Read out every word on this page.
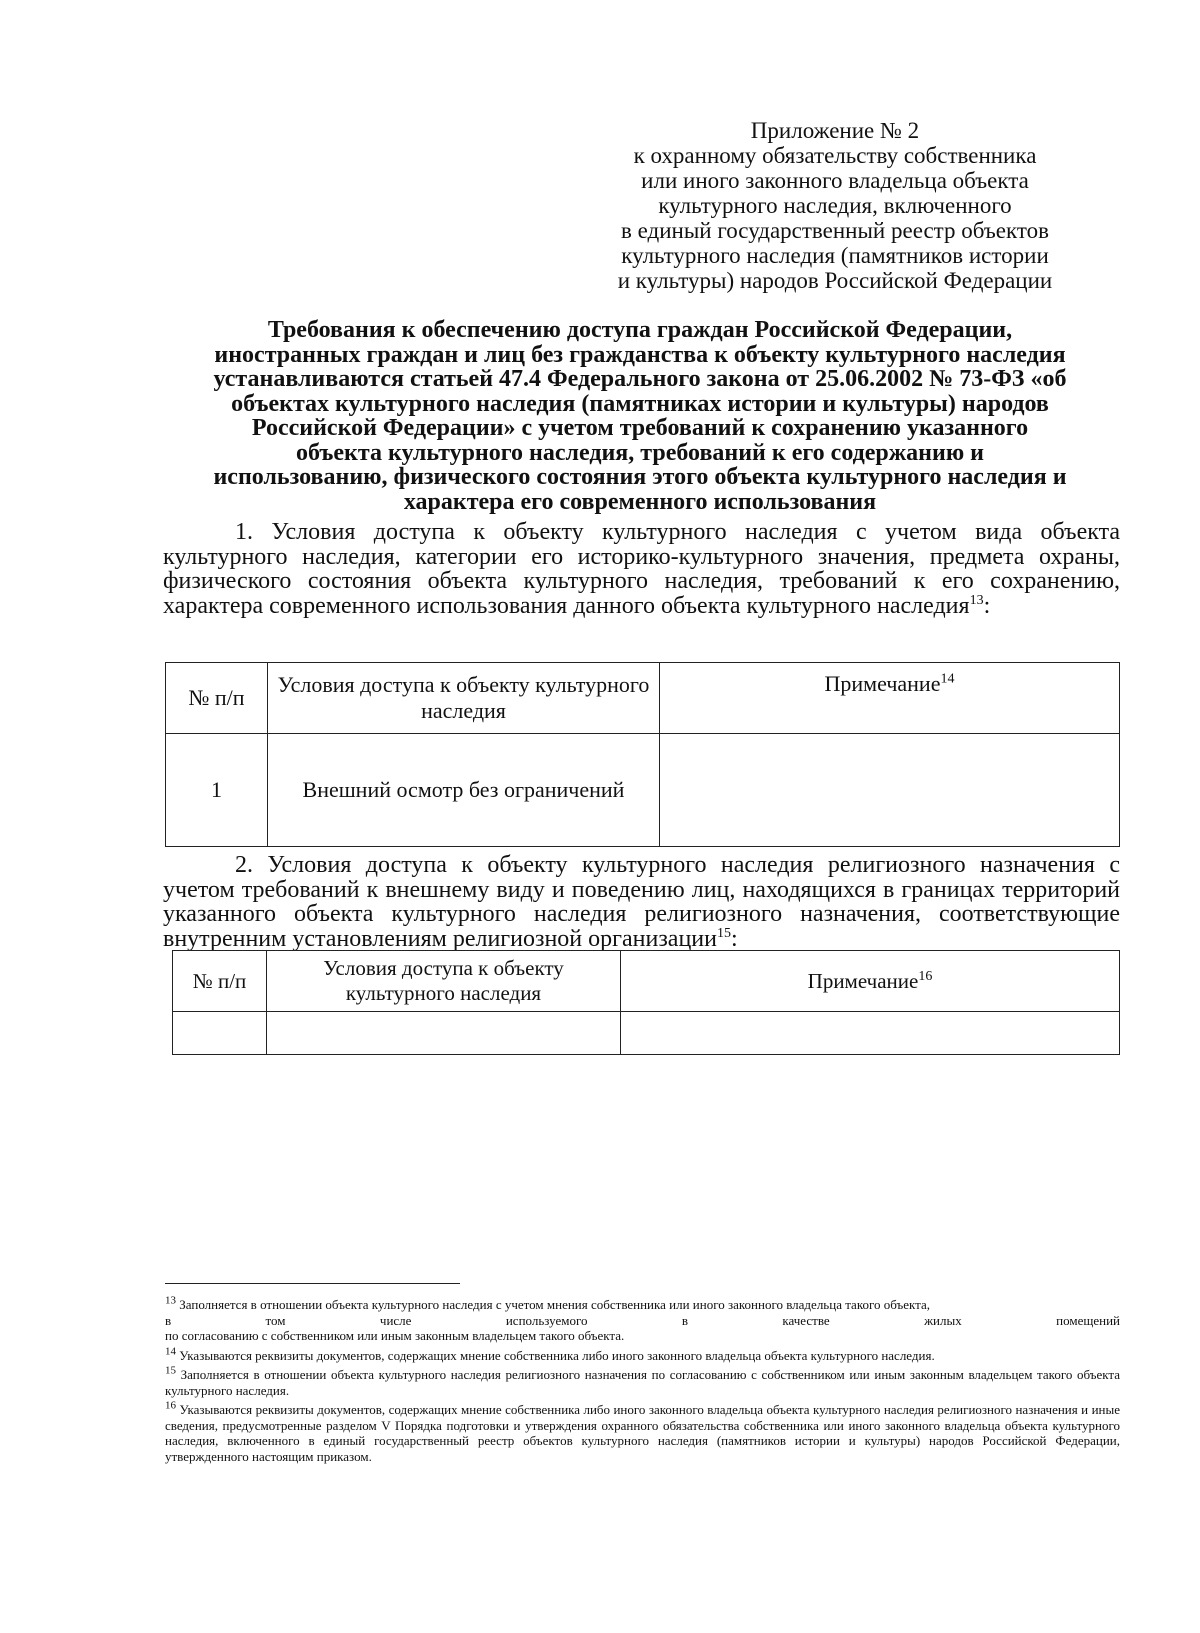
Приложение № 2
к охранному обязательству собственника
или иного законного владельца объекта
культурного наследия, включенного
в единый государственный реестр объектов
культурного наследия (памятников истории
и культуры) народов Российской Федерации
Требования к обеспечению доступа граждан Российской Федерации,
иностранных граждан и лиц без гражданства к объекту культурного наследия
устанавливаются статьей 47.4 Федерального закона от 25.06.2002 № 73-ФЗ «об
объектах культурного наследия (памятниках истории и культуры) народов
Российской Федерации» с учетом требований к сохранению указанного
объекта культурного наследия, требований к его содержанию и
использованию, физического состояния этого объекта культурного наследия и
характера его современного использования

1. Условия доступа к объекту культурного наследия с учетом вида объекта культурного наследия, категории его историко-культурного значения, предмета охраны, физического состояния объекта культурного наследия, требований к его сохранению, характера современного использования данного объекта культурного наследия$^{13}$:

№ п/п	Условия доступа к объекту культурного наследия	Примечание$^{14}$
1	Внешний осмотр без ограничений	

2. Условия доступа к объекту культурного наследия религиозного назначения с учетом требований к внешнему виду и поведению лиц, находящихся в границах территорий указанного объекта культурного наследия религиозного назначения, соответствующие внутренним установлениям религиозной организации$^{15}$:

№ п/п	Условия доступа к объекту культурного наследия	Примечание$^{16}$

$^{13}$ Заполняется в отношении объекта культурного наследия с учетом мнения собственника или иного законного владельца такого объекта,

в	том	числе	используемого	в	качестве	жилых	помещений
по согласованию с собственником или иным законным владельцем такого объекта.

$^{14}$ Указываются реквизиты документов, содержащих мнение собственника либо иного законного владельца объекта культурного наследия.

$^{15}$ Заполняется в отношении объекта культурного наследия религиозного назначения по согласованию с собственником или иным законным владельцем такого объекта культурного наследия.

$^{16}$ Указываются реквизиты документов, содержащих мнение собственника либо иного законного владельца объекта культурного наследия религиозного назначения и иные сведения, предусмотренные разделом V Порядка подготовки и утверждения охранного обязательства собственника или иного законного владельца объекта культурного наследия, включенного в единый государственный реестр объектов культурного наследия (памятников истории и культуры) народов Российской Федерации, утвержденного настоящим приказом.
